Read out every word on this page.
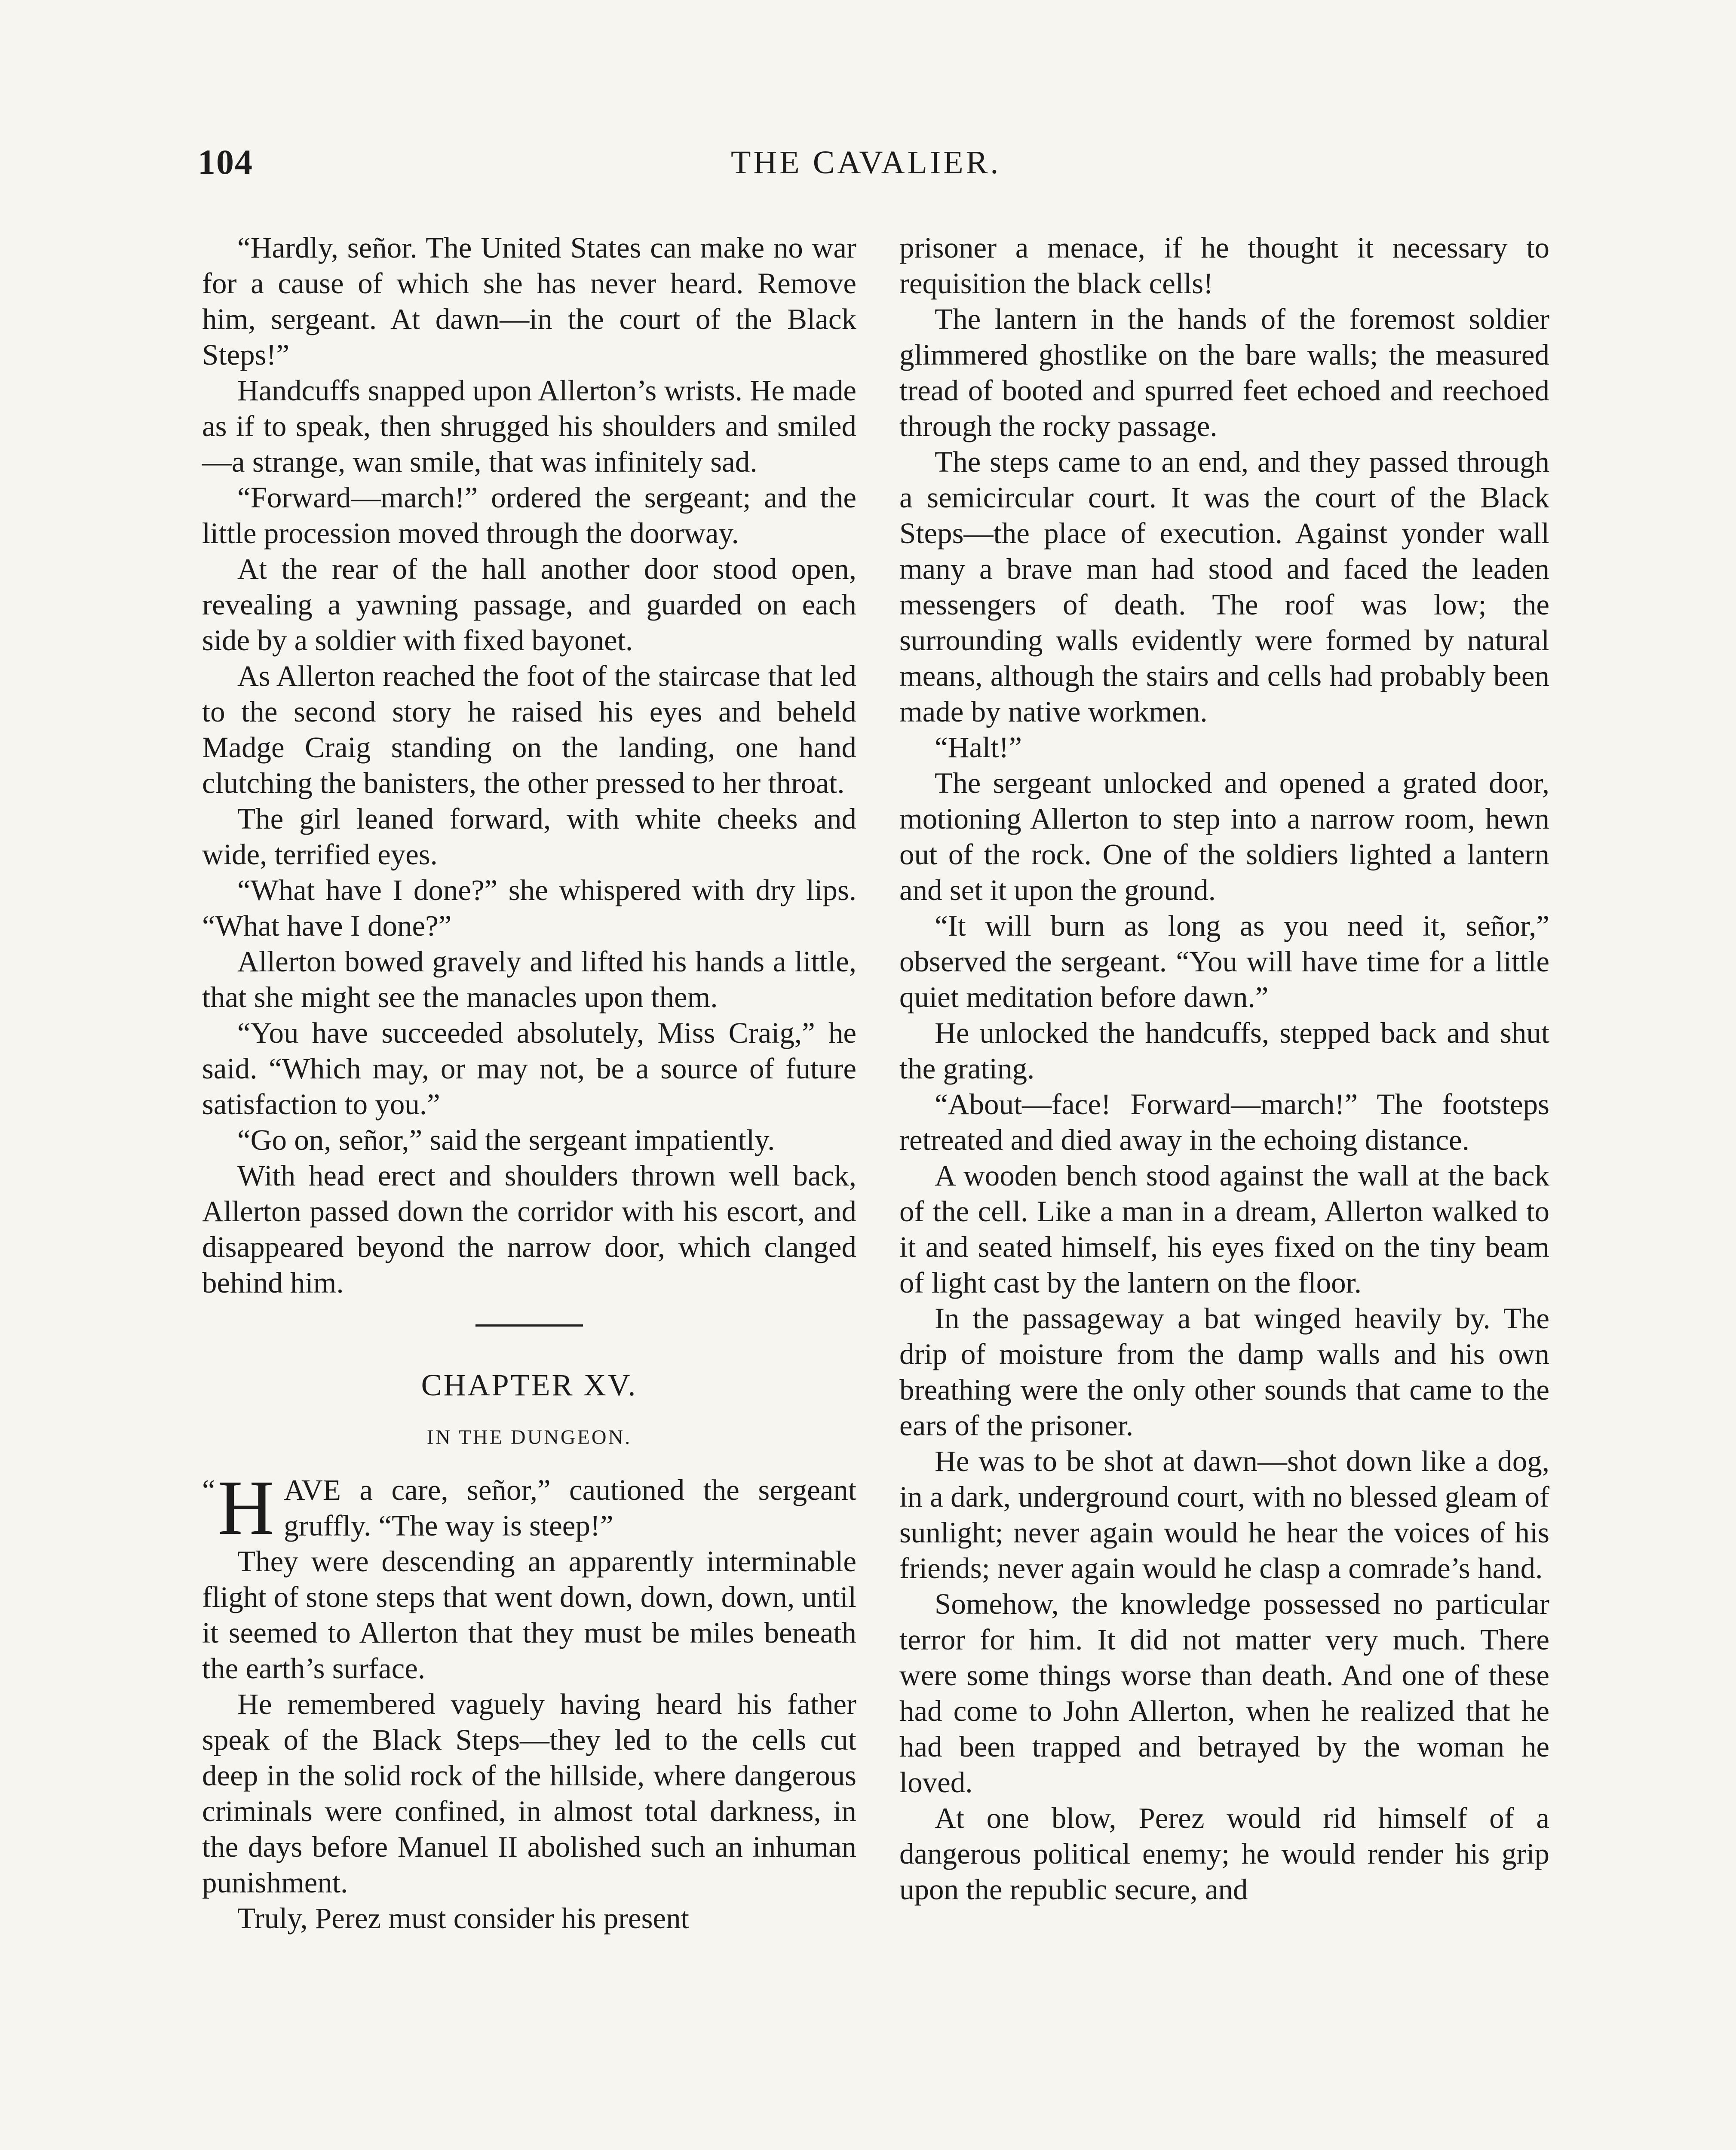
104	THE CAVALIER.

“Hardly, señor. The United States can make no war for a cause of which she has never heard. Remove him, sergeant. At dawn—in the court of the Black Steps!”

Handcuffs snapped upon Allerton’s wrists. He made as if to speak, then shrugged his shoulders and smiled—a strange, wan smile, that was infinitely sad.

“Forward—march!” ordered the sergeant; and the little procession moved through the doorway.

At the rear of the hall another door stood open, revealing a yawning passage, and guarded on each side by a soldier with fixed bayonet.

As Allerton reached the foot of the staircase that led to the second story he raised his eyes and beheld Madge Craig standing on the landing, one hand clutching the banisters, the other pressed to her throat.

The girl leaned forward, with white cheeks and wide, terrified eyes.

“What have I done?” she whispered with dry lips. “What have I done?”

Allerton bowed gravely and lifted his hands a little, that she might see the manacles upon them.

“You have succeeded absolutely, Miss Craig,” he said. “Which may, or may not, be a source of future satisfaction to you.”

“Go on, señor,” said the sergeant impatiently.

With head erect and shoulders thrown well back, Allerton passed down the corridor with his escort, and disappeared beyond the narrow door, which clanged behind him.

CHAPTER XV.
IN THE DUNGEON.

“ H AVE a care, señor,” cautioned the sergeant gruffly. “The way is steep!”

They were descending an apparently interminable flight of stone steps that went down, down, down, until it seemed to Allerton that they must be miles beneath the earth’s surface.

He remembered vaguely having heard his father speak of the Black Steps—they led to the cells cut deep in the solid rock of the hillside, where dangerous criminals were confined, in almost total darkness, in the days before Manuel II abolished such an inhuman punishment.

Truly, Perez must consider his present

prisoner a menace, if he thought it necessary to requisition the black cells!

The lantern in the hands of the foremost soldier glimmered ghostlike on the bare walls; the measured tread of booted and spurred feet echoed and reechoed through the rocky passage.

The steps came to an end, and they passed through a semicircular court. It was the court of the Black Steps—the place of execution. Against yonder wall many a brave man had stood and faced the leaden messengers of death. The roof was low; the surrounding walls evidently were formed by natural means, although the stairs and cells had probably been made by native workmen.

“Halt!”

The sergeant unlocked and opened a grated door, motioning Allerton to step into a narrow room, hewn out of the rock. One of the soldiers lighted a lantern and set it upon the ground.

“It will burn as long as you need it, señor,” observed the sergeant. “You will have time for a little quiet meditation before dawn.”

He unlocked the handcuffs, stepped back and shut the grating.

“About—face! Forward—march!” The footsteps retreated and died away in the echoing distance.

A wooden bench stood against the wall at the back of the cell. Like a man in a dream, Allerton walked to it and seated himself, his eyes fixed on the tiny beam of light cast by the lantern on the floor.

In the passageway a bat winged heavily by. The drip of moisture from the damp walls and his own breathing were the only other sounds that came to the ears of the prisoner.

He was to be shot at dawn—shot down like a dog, in a dark, underground court, with no blessed gleam of sunlight; never again would he hear the voices of his friends; never again would he clasp a comrade’s hand.

Somehow, the knowledge possessed no particular terror for him. It did not matter very much. There were some things worse than death. And one of these had come to John Allerton, when he realized that he had been trapped and betrayed by the woman he loved.

At one blow, Perez would rid himself of a dangerous political enemy; he would render his grip upon the republic secure, and
